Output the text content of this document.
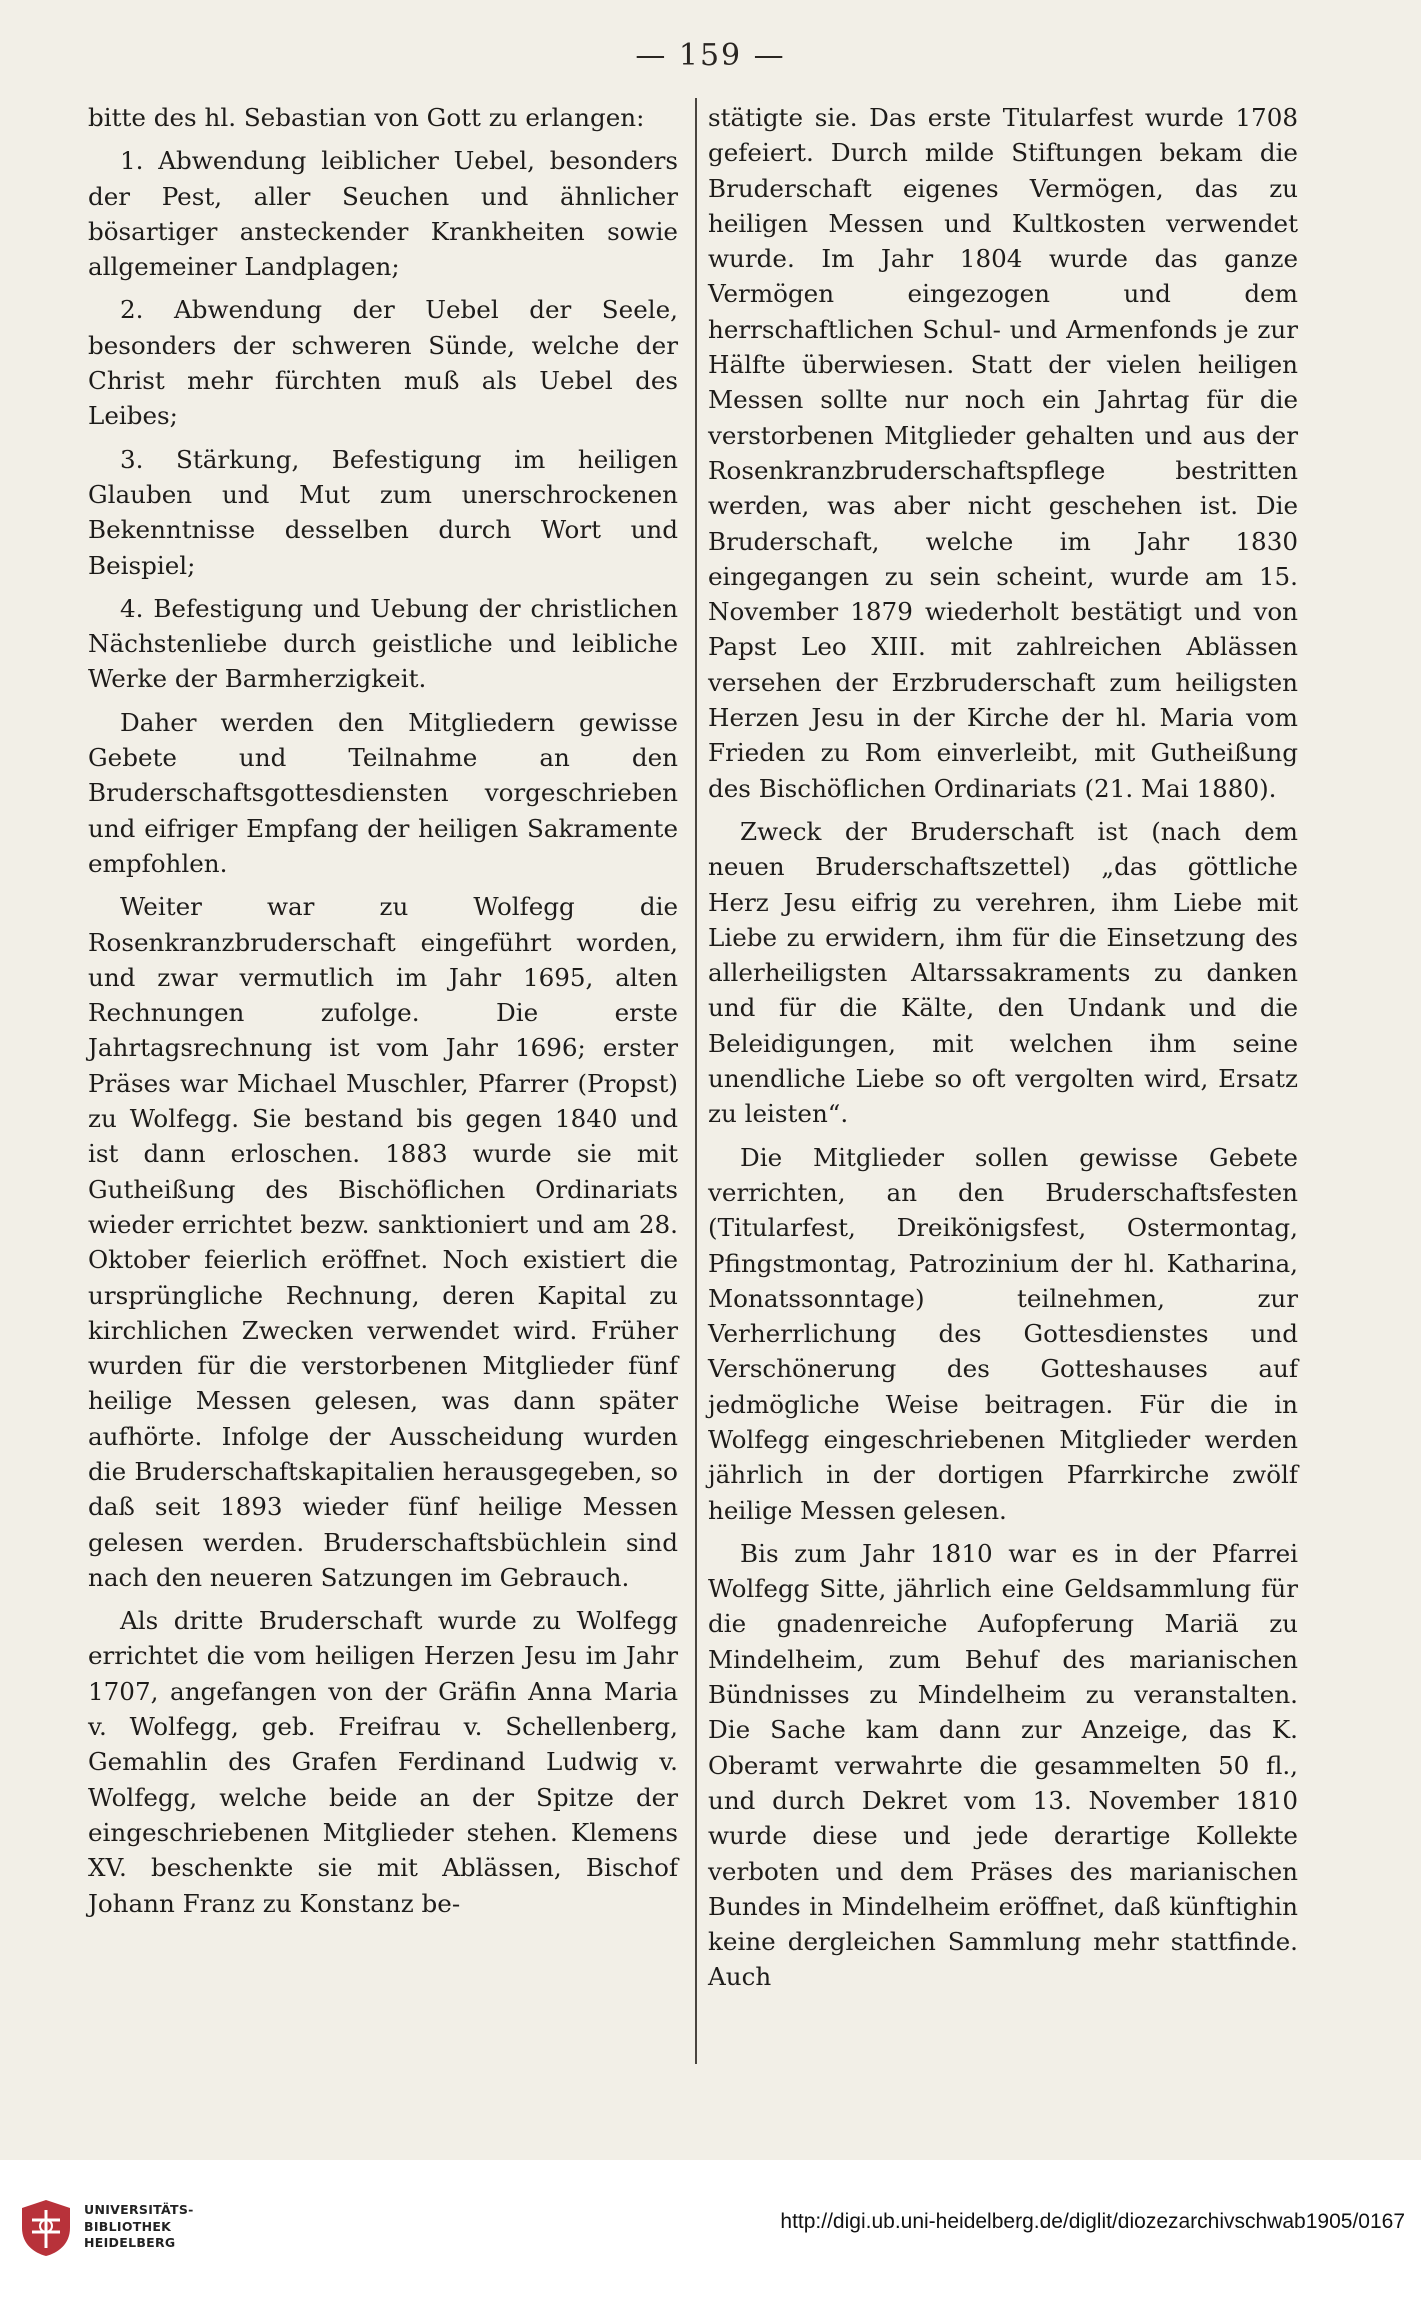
— 159 —

bitte des hl. Sebastian von Gott zu erlangen:

1. Abwendung leiblicher Uebel, besonders der Pest, aller Seuchen und ähnlicher bösartiger ansteckender Krankheiten sowie allgemeiner Landplagen;

2. Abwendung der Uebel der Seele, besonders der schweren Sünde, welche der Christ mehr fürchten muß als Uebel des Leibes;

3. Stärkung, Befestigung im heiligen Glauben und Mut zum unerschrockenen Bekenntnisse desselben durch Wort und Beispiel;

4. Befestigung und Uebung der christlichen Nächstenliebe durch geistliche und leibliche Werke der Barmherzigkeit.

Daher werden den Mitgliedern gewisse Gebete und Teilnahme an den Bruderschaftsgottesdiensten vorgeschrieben und eifriger Empfang der heiligen Sakramente empfohlen.

Weiter war zu Wolfegg die Rosenkranzbruderschaft eingeführt worden, und zwar vermutlich im Jahr 1695, alten Rechnungen zufolge. Die erste Jahrtagsrechnung ist vom Jahr 1696; erster Präses war Michael Muschler, Pfarrer (Propst) zu Wolfegg. Sie bestand bis gegen 1840 und ist dann erloschen. 1883 wurde sie mit Gutheißung des Bischöflichen Ordinariats wieder errichtet bezw. sanktioniert und am 28. Oktober feierlich eröffnet. Noch existiert die ursprüngliche Rechnung, deren Kapital zu kirchlichen Zwecken verwendet wird. Früher wurden für die verstorbenen Mitglieder fünf heilige Messen gelesen, was dann später aufhörte. Infolge der Ausscheidung wurden die Bruderschaftskapitalien herausgegeben, so daß seit 1893 wieder fünf heilige Messen gelesen werden. Bruderschaftsbüchlein sind nach den neueren Satzungen im Gebrauch.

Als dritte Bruderschaft wurde zu Wolfegg errichtet die vom heiligen Herzen Jesu im Jahr 1707, angefangen von der Gräfin Anna Maria v. Wolfegg, geb. Freifrau v. Schellenberg, Gemahlin des Grafen Ferdinand Ludwig v. Wolfegg, welche beide an der Spitze der eingeschriebenen Mitglieder stehen. Klemens XV. beschenkte sie mit Ablässen, Bischof Johann Franz zu Konstanz be-

stätigte sie. Das erste Titularfest wurde 1708 gefeiert. Durch milde Stiftungen bekam die Bruderschaft eigenes Vermögen, das zu heiligen Messen und Kultkosten verwendet wurde. Im Jahr 1804 wurde das ganze Vermögen eingezogen und dem herrschaftlichen Schul- und Armenfonds je zur Hälfte überwiesen. Statt der vielen heiligen Messen sollte nur noch ein Jahrtag für die verstorbenen Mitglieder gehalten und aus der Rosenkranzbruderschaftspflege bestritten werden, was aber nicht geschehen ist. Die Bruderschaft, welche im Jahr 1830 eingegangen zu sein scheint, wurde am 15. November 1879 wiederholt bestätigt und von Papst Leo XIII. mit zahlreichen Ablässen versehen der Erzbruderschaft zum heiligsten Herzen Jesu in der Kirche der hl. Maria vom Frieden zu Rom einverleibt, mit Gutheißung des Bischöflichen Ordinariats (21. Mai 1880).

Zweck der Bruderschaft ist (nach dem neuen Bruderschaftszettel) „das göttliche Herz Jesu eifrig zu verehren, ihm Liebe mit Liebe zu erwidern, ihm für die Einsetzung des allerheiligsten Altarssakraments zu danken und für die Kälte, den Undank und die Beleidigungen, mit welchen ihm seine unendliche Liebe so oft vergolten wird, Ersatz zu leisten“.

Die Mitglieder sollen gewisse Gebete verrichten, an den Bruderschaftsfesten (Titularfest, Dreikönigsfest, Ostermontag, Pfingstmontag, Patrozinium der hl. Katharina, Monatssonntage) teilnehmen, zur Verherrlichung des Gottesdienstes und Verschönerung des Gotteshauses auf jedmögliche Weise beitragen. Für die in Wolfegg eingeschriebenen Mitglieder werden jährlich in der dortigen Pfarrkirche zwölf heilige Messen gelesen.

Bis zum Jahr 1810 war es in der Pfarrei Wolfegg Sitte, jährlich eine Geldsammlung für die gnadenreiche Aufopferung Mariä zu Mindelheim, zum Behuf des marianischen Bündnisses zu Mindelheim zu veranstalten. Die Sache kam dann zur Anzeige, das K. Oberamt verwahrte die gesammelten 50 fl., und durch Dekret vom 13. November 1810 wurde diese und jede derartige Kollekte verboten und dem Präses des marianischen Bundes in Mindelheim eröffnet, daß künftighin keine dergleichen Sammlung mehr stattfinde. Auch

UNIVERSITÄTS-
BIBLIOTHEK
HEIDELBERG
http://digi.ub.uni-heidelberg.de/diglit/diozezarchivschwab1905/0167
